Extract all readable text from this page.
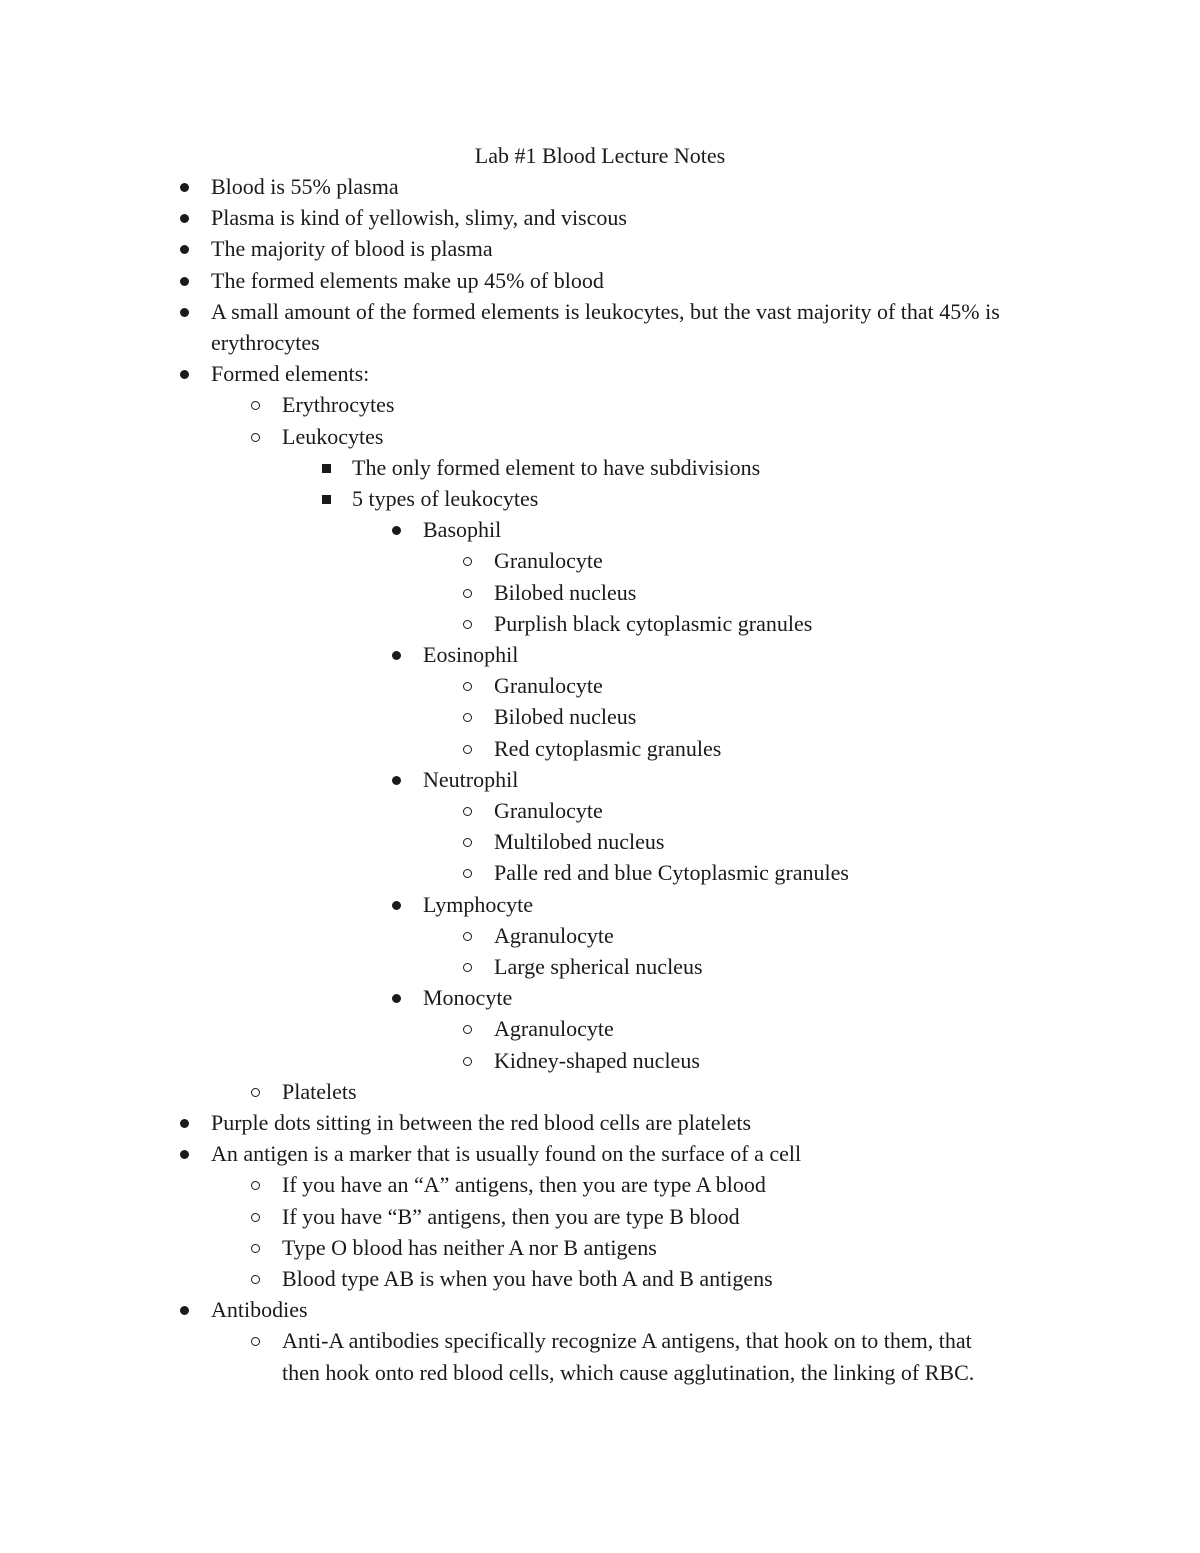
Lab #1 Blood Lecture Notes
Blood is 55% plasma
Plasma is kind of yellowish, slimy, and viscous
The majority of blood is plasma
The formed elements make up 45% of blood
A small amount of the formed elements is leukocytes, but the vast majority of that 45% is
erythrocytes
Formed elements:
Erythrocytes
Leukocytes
The only formed element to have subdivisions
5 types of leukocytes
Basophil
Granulocyte
Bilobed nucleus
Purplish black cytoplasmic granules
Eosinophil
Granulocyte
Bilobed nucleus
Red cytoplasmic granules
Neutrophil
Granulocyte
Multilobed nucleus
Palle red and blue Cytoplasmic granules
Lymphocyte
Agranulocyte
Large spherical nucleus
Monocyte
Agranulocyte
Kidney-shaped nucleus
Platelets
Purple dots sitting in between the red blood cells are platelets
An antigen is a marker that is usually found on the surface of a cell
If you have an “A” antigens, then you are type A blood
If you have “B” antigens, then you are type B blood
Type O blood has neither A nor B antigens
Blood type AB is when you have both A and B antigens
Antibodies
Anti-A antibodies specifically recognize A antigens, that hook on to them, that
then hook onto red blood cells, which cause agglutination, the linking of RBC.
